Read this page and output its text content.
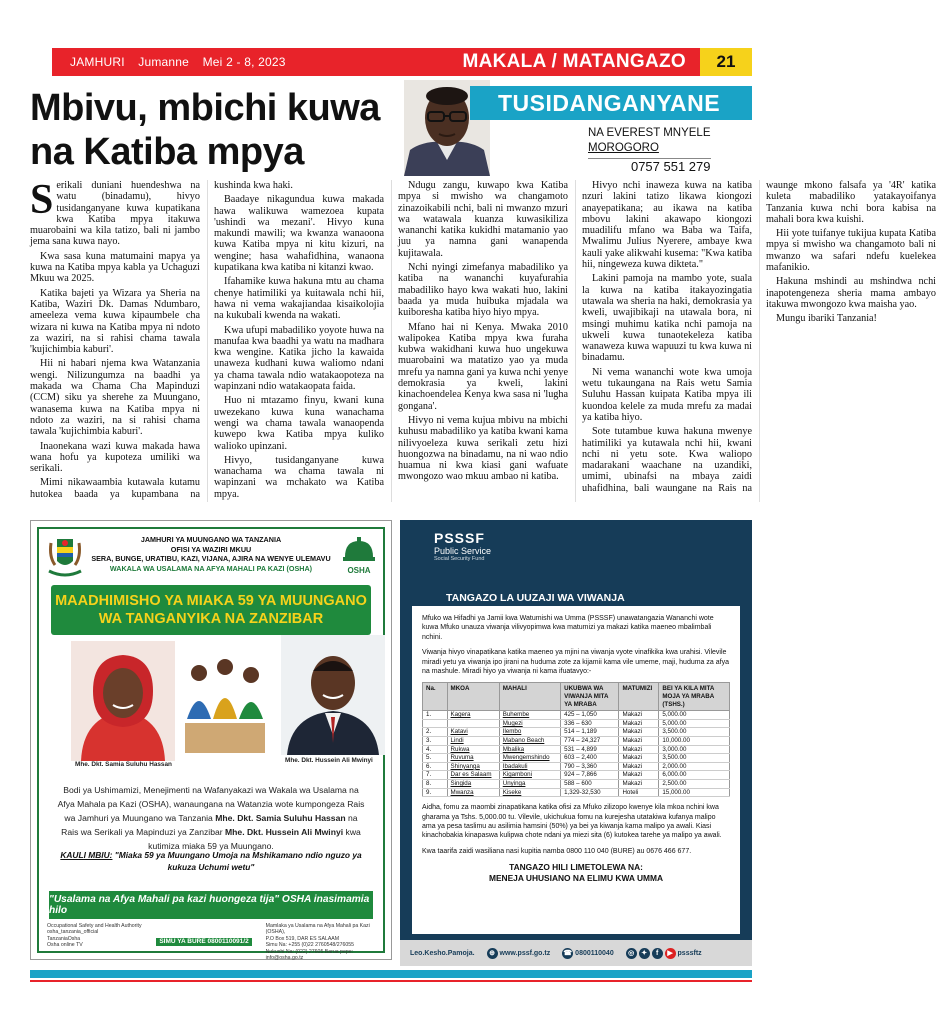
JAMHURI Jumanne Mei 2 - 8, 2023	MAKALA / MATANGAZO	21
Mbivu, mbichi kuwa na Katiba mpya
TUSIDANGANYANE
NA EVEREST MNYELE
MOROGORO
0757 551 279

Serikali duniani huendeshwa na watu (binadamu), hivyo tusidanganyane kuwa kupatikana kwa Katiba mpya itakuwa muarobaini wa kila tatizo, bali ni jambo jema sana kuwa nayo.

Kwa sasa kuna matumaini mapya ya kuwa na Katiba mpya kabla ya Uchaguzi Mkuu wa 2025.

Katika bajeti ya Wizara ya Sheria na Katiba, Waziri Dk. Damas Ndumbaro, ameeleza vema kuwa kipaumbele cha wizara ni kuwa na Katiba mpya ni ndoto za waziri, na si rahisi chama tawala 'kujichimbia kaburi'.

Hii ni habari njema kwa Watanzania wengi. Nilizungumza na baadhi ya makada wa Chama Cha Mapinduzi (CCM) siku ya sherehe za Muungano, wanasema kuwa na Katiba mpya ni ndoto za waziri, na si rahisi chama tawala 'kujichimbia kaburi'.

Inaonekana wazi kuwa makada hawa wana hofu ya kupoteza umiliki wa serikali.

Mimi nikawaambia kutawala kutamu hutokea baada ya kupambana na kushinda kwa haki.

Baadaye nikagundua kuwa makada hawa walikuwa wamezoea kupata 'ushindi wa mezani'. Hivyo kuna makundi mawili; wa kwanza wanaoona kuwa Katiba mpya ni kitu kizuri, na wengine; hasa wahafidhina, wanaona kupatikana kwa katiba ni kitanzi kwao.

Ifahamike kuwa hakuna mtu au chama chenye hatimiliki ya kuitawala nchi hii, hawa ni vema wakajiandaa kisaikolojia na kukubali kwenda na wakati.

Kwa ufupi mabadiliko yoyote huwa na manufaa kwa baadhi ya watu na madhara kwa wengine. Katika jicho la kawaida unaweza kudhani kuwa waliomo ndani ya chama tawala ndio watakaopoteza na wapinzani ndio watakaopata faida.

Huo ni mtazamo finyu, kwani kuna uwezekano kuwa kuna wanachama wengi wa chama tawala wanaopenda kuwepo kwa Katiba mpya kuliko walioko upinzani.

Hivyo, tusidanganyane kuwa wanachama wa chama tawala ni wapinzani wa mchakato wa Katiba mpya.

Ndugu zangu, kuwapo kwa Katiba mpya si mwisho wa changamoto zinazoikabili nchi, bali ni mwanzo mzuri wa watawala kuanza kuwasikiliza wananchi katika kukidhi matamanio yao juu ya namna gani wanapenda kujitawala.

Nchi nyingi zimefanya mabadiliko ya katiba na wananchi kuyafurahia mabadiliko hayo kwa wakati huo, lakini baada ya muda huibuka mjadala wa kuiboresha katiba hiyo hiyo mpya.

Mfano hai ni Kenya. Mwaka 2010 walipokea Katiba mpya kwa furaha kubwa wakidhani kuwa huo ungekuwa muarobaini wa matatizo yao ya muda mrefu ya namna gani ya kuwa nchi yenye demokrasia ya kweli, lakini kinachoendelea Kenya kwa sasa ni 'lugha gongana'.

Hivyo ni vema kujua mbivu na mbichi kuhusu mabadiliko ya katiba kwani kama nilivyoeleza kuwa serikali zetu hizi huongozwa na binadamu, na ni wao ndio huamua ni kwa kiasi gani wafuate mwongozo wao mkuu ambao ni katiba.

Hivyo nchi inaweza kuwa na katiba nzuri lakini tatizo likawa kiongozi anayepatikana; au ikawa na katiba mbovu lakini akawapo kiongozi muadilifu mfano wa Baba wa Taifa, Mwalimu Julius Nyerere, ambaye kwa kauli yake alikwahi kusema: "Kwa katiba hii, ningeweza kuwa dikteta."

Lakini pamoja na mambo yote, suala la kuwa na katiba itakayozingatia utawala wa sheria na haki, demokrasia ya kweli, uwajibikaji na utawala bora, ni msingi muhimu katika nchi pamoja na ukweli kuwa tunaotekeleza katiba wanaweza kuwa wapuuzi tu kwa kuwa ni binadamu.

Ni vema wananchi wote kwa umoja wetu tukaungana na Rais wetu Samia Suluhu Hassan kuipata Katiba mpya ili kuondoa kelele za muda mrefu za madai ya katiba hiyo.

Sote tutambue kuwa hakuna mwenye hatimiliki ya kutawala nchi hii, kwani nchi ni yetu sote. Kwa waliopo madarakani waachane na uzandiki, umimi, ubinafsi na mbaya zaidi uhafidhina, bali waungane na Rais na waunge mkono falsafa ya '4R' katika kuleta mabadiliko yatakayoifanya Tanzania kuwa nchi bora kabisa na mahali bora kwa kuishi.

Hii yote tuifanye tukijua kupata Katiba mpya si mwisho wa changamoto bali ni mwanzo wa safari ndefu kuelekea mafanikio.

Hakuna mshindi au mshindwa nchi inapotengeneza sheria mama ambayo itakuwa mwongozo kwa maisha yao.

Mungu ibariki Tanzania!

JAMHURI YA MUUNGANO WA TANZANIA
OFISI YA WAZIRI MKUU
SERA, BUNGE, URATIBU, KAZI, VIJANA, AJIRA NA WENYE ULEMAVU
WAKALA WA USALAMA NA AFYA MAHALI PA KAZI (OSHA)	OSHA
MAADHIMISHO YA MIAKA 59 YA MUUNGANO
WA TANGANYIKA NA ZANZIBAR
Mhe. Dkt. Samia Suluhu Hassan
Mhe. Dkt. Hussein Ali Mwinyi
Bodi ya Ushimamizi, Menejimenti na Wafanyakazi wa Wakala wa Usalama na Afya Mahala pa Kazi (OSHA), wanaungana na Watanzia wote kumpongeza Rais wa Jamhuri ya Muungano wa Tanzania Mhe. Dkt. Samia Suluhu Hassan na Rais wa Serikali ya Mapinduzi ya Zanzibar Mhe. Dkt. Hussein Ali Mwinyi kwa kutimiza miaka 59 ya Muungano.
KAULI MBIU: "Miaka 59 ya Muungano Umoja na Mshikamano ndio nguzo ya kukuza Uchumi wetu"
"Usalama na Afya Mahali pa kazi huongeza tija" OSHA inasimamia hilo
Occupational Safety and Health Authority
osha_tanzania_official
TanzaniaOsha
Osha online TV
SIMU YA BURE 0800110091/2
Mamlaka ya Usalama na Afya Mahali pa Kazi (OSHA),
P.O Box 519, DAR ES SALAAM
Simu Na: +255 (0)22 2760548/276055
Nukushi Na: (022) 27605 Barua pepe: info@osha.go.tz
PSSSF
Public Service
Social Security Fund
TANGAZO LA UUZAJI WA VIWANJA

Mfuko wa Hifadhi ya Jamii kwa Watumishi wa Umma (PSSSF) unawatangazia Wananchi wote kuwa Mfuko unauza viwanja vilivyopimwa kwa matumizi ya makazi katika maeneo mbalimbali nchini.

Viwanja hivyo vinapatikana katika maeneo ya mjini na viwanja vyote vinafikika kwa urahisi. Vilevile miradi yetu ya viwanja ipo jirani na huduma zote za kijamii kama vile umeme, maji, huduma za afya na mashule. Miradi hiyo ya viwanja ni kama ifuatavyo:-

Na.	MKOA	MAHALI	UKUBWA WA VIWANJA MITA YA MRABA	MATUMIZI	BEI YA KILA MITA MOJA YA MRABA (TSHS.)
1.	Kagera	Buhembe	425 – 1,050	Makazi	5,000.00
		Mugezi	336 – 630	Makazi	5,000.00
2.	Katavi	Ilembo	514 – 1,189	Makazi	3,500.00
3.	Lindi	Mabano Beach	774 – 24,327	Makazi	10,000.00
4.	Rukwa	Mbalika	531 – 4,899	Makazi	3,000.00
5.	Ruvuma	Mwengemshindo	603 – 2,400	Makazi	3,500.00
6.	Shinyanga	Ibadakuli	790 – 3,360	Makazi	2,000.00
7.	Dar es Salaam	Kigamboni	924 – 7,866	Makazi	6,000.00
8.	Singida	Unyinga	588 – 600	Makazi	2,500.00
9.	Mwanza	Kiseke	1,329-32,530	Hoteli	15,000.00

Aidha, fomu za maombi zinapatikana katika ofisi za Mfuko zilizopo kwenye kila mkoa nchini kwa gharama ya Tshs. 5,000.00 tu. Vilevile, ukichukua fomu na kurejesha utatakiwa kufanya malipo ama ya pesa taslimu au asilimia hamsini (50%) ya bei ya kiwanja kama malipo ya awali. Kiasi kinachobakia kinapaswa kulipwa chote ndani ya miezi sita (6) kutokea tarehe ya malipo ya awali.

Kwa taarifa zaidi wasiliana nasi kupitia namba 0800 110 040 (BURE) au 0676 466 677.

TANGAZO HILI LIMETOLEWA NA:
MENEJA UHUSIANO NA ELIMU KWA UMMA
Leo.Kesho.Pamoja.	⊕ www.pssf.go.tz ☎ 0800110040	◎ ✦ f ▶ psssftz
